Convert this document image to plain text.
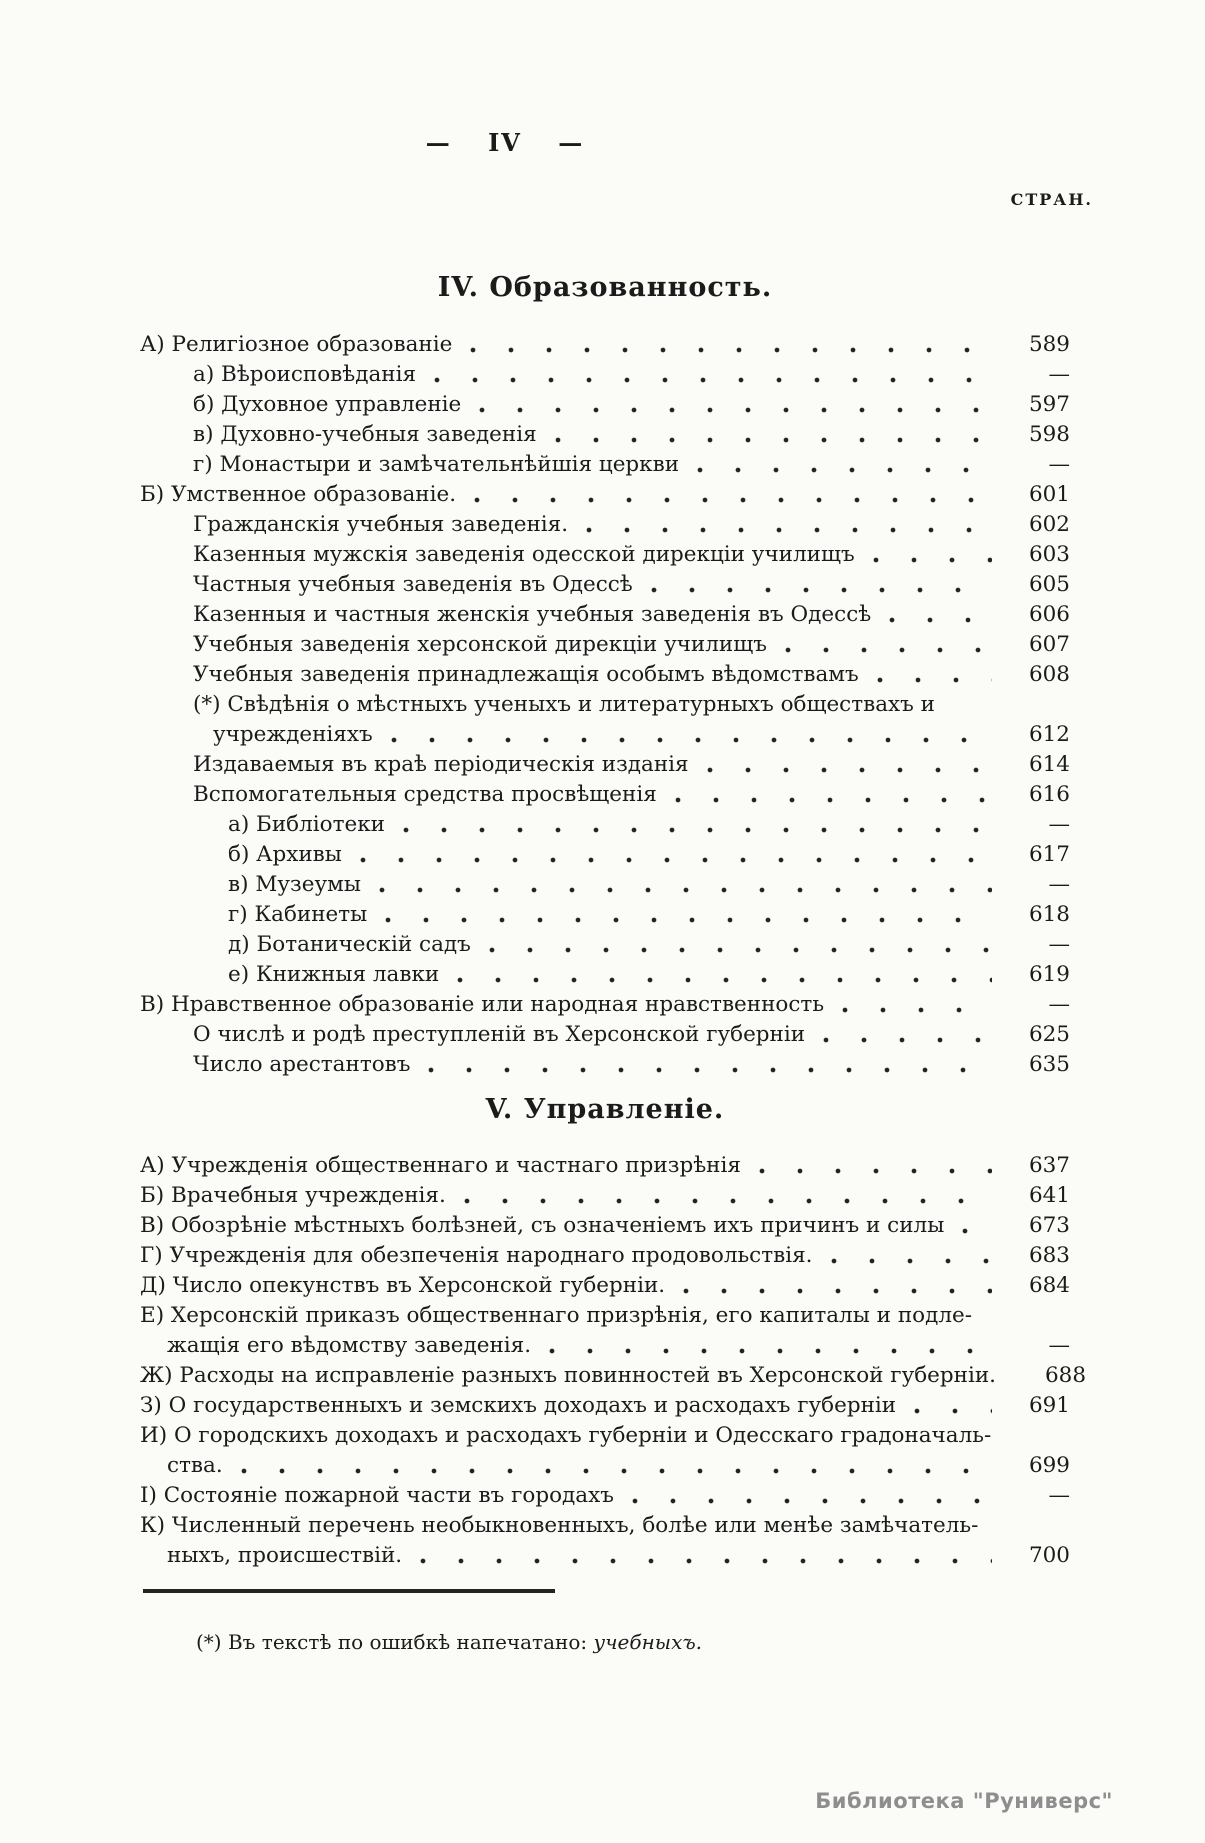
— IV —
СТРАН.
IV. Образованность.
А) Религіозное образованіе	589
а) Вѣроисповѣданія	—
б) Духовное управленіе	597
в) Духовно-учебныя заведенія	598
г) Монастыри и замѣчательнѣйшія церкви	—
Б) Умственное образованіе.	601
Гражданскія учебныя заведенія.	602
Казенныя мужскія заведенія одесской дирекціи училищъ	603
Частныя учебныя заведенія въ Одессѣ	605
Казенныя и частныя женскія учебныя заведенія въ Одессѣ	606
Учебныя заведенія херсонской дирекціи училищъ	607
Учебныя заведенія принадлежащія особымъ вѣдомствамъ	608
(*) Свѣдѣнія о мѣстныхъ ученыхъ и литературныхъ обществахъ и
учрежденіяхъ	612
Издаваемыя въ краѣ періодическія изданія	614
Вспомогательныя средства просвѣщенія	616
а) Библіотеки	—
б) Архивы	617
в) Музеумы	—
г) Кабинеты	618
д) Ботаническій садъ	—
е) Книжныя лавки	619
В) Нравственное образованіе или народная нравственность	—
О числѣ и родѣ преступленій въ Херсонской губерніи	625
Число арестантовъ	635
V. Управленіе.
А) Учрежденія общественнаго и частнаго призрѣнія	637
Б) Врачебныя учрежденія.	641
В) Обозрѣніе мѣстныхъ болѣзней, съ означеніемъ ихъ причинъ и силы	673
Г) Учрежденія для обезпеченія народнаго продовольствія.	683
Д) Число опекунствъ въ Херсонской губерніи.	684
Е) Херсонскій приказъ общественнаго призрѣнія, его капиталы и подле-
жащія его вѣдомству заведенія.	—
Ж) Расходы на исправленіе разныхъ повинностей въ Херсонской губерніи.	688
З) О государственныхъ и земскихъ доходахъ и расходахъ губерніи	691
И) О городскихъ доходахъ и расходахъ губерніи и Одесскаго градоначаль-
ства.	699
І) Состояніе пожарной части въ городахъ	—
К) Численный перечень необыкновенныхъ, болѣе или менѣе замѣчатель-
ныхъ, происшествій.	700
(*) Въ текстѣ по ошибкѣ напечатано: учебныхъ.
Библиотека "Руниверс"
